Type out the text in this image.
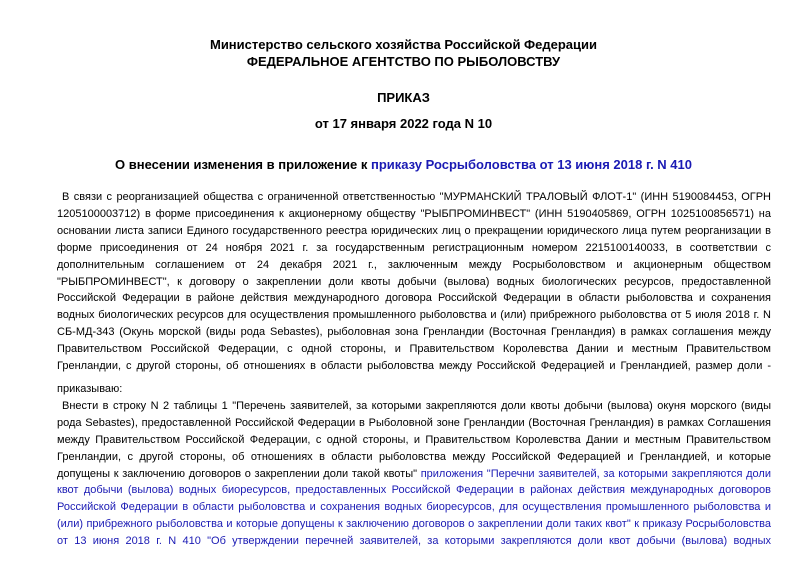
Министерство сельского хозяйства Российской Федерации
ФЕДЕРАЛЬНОЕ АГЕНТСТВО ПО РЫБОЛОВСТВУ
ПРИКАЗ
от 17 января 2022 года N 10
О внесении изменения в приложение к приказу Росрыболовства от 13 июня 2018 г. N 410

В связи с реорганизацией общества с ограниченной ответственностью "МУРМАНСКИЙ ТРАЛОВЫЙ ФЛОТ-1" (ИНН 5190084453, ОГРН 1205100003712) в форме присоединения к акционерному обществу "РЫБПРОМИНВЕСТ" (ИНН 5190405869, ОГРН 1025100856571) на основании листа записи Единого государственного реестра юридических лиц о прекращении юридического лица путем реорганизации в форме присоединения от 24 ноября 2021 г. за государственным регистрационным номером 2215100140033, в соответствии с дополнительным соглашением от 24 декабря 2021 г., заключенным между Росрыболовством и акционерным обществом "РЫБПРОМИНВЕСТ", к договору о закреплении доли квоты добычи (вылова) водных биологических ресурсов, предоставленной Российской Федерации в районе действия международного договора Российской Федерации в области рыболовства и сохранения водных биологических ресурсов для осуществления промышленного рыболовства и (или) прибрежного рыболовства от 5 июля 2018 г. N СБ-МД-343 (Окунь морской (виды рода Sebastes), рыболовная зона Гренландии (Восточная Гренландия) в рамках соглашения между Правительством Российской Федерации, с одной стороны, и Правительством Королевства Дании и местным Правительством Гренландии, с другой стороны, об отношениях в области рыболовства между Российской Федерацией и Гренландией, размер доли -

приказываю:

Внести в строку N 2 таблицы 1 "Перечень заявителей, за которыми закрепляются доли квоты добычи (вылова) окуня морского (виды рода Sebastes), предоставленной Российской Федерации в Рыболовной зоне Гренландии (Восточная Гренландия) в рамках Соглашения между Правительством Российской Федерации, с одной стороны, и Правительством Королевства Дании и местным Правительством Гренландии, с другой стороны, об отношениях в области рыболовства между Российской Федерацией и Гренландией, и которые допущены к заключению договоров о закреплении доли такой квоты" приложения "Перечни заявителей, за которыми закрепляются доли квот добычи (вылова) водных биоресурсов, предоставленных Российской Федерации в районах действия международных договоров Российской Федерации в области рыболовства и сохранения водных биоресурсов, для осуществления промышленного рыболовства и (или) прибрежного рыболовства и которые допущены к заключению договоров о закреплении доли таких квот" к приказу Росрыболовства от 13 июня 2018 г. N 410 "Об утверждении перечней заявителей, за которыми закрепляются доли квот добычи (вылова) водных
